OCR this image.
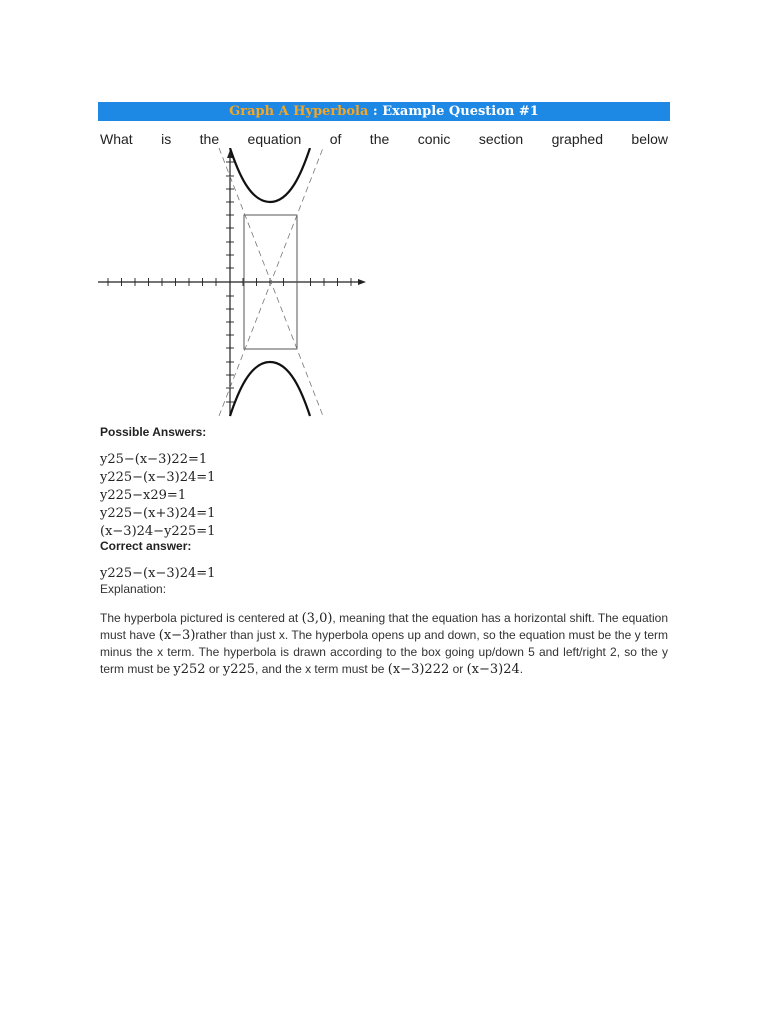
Graph A Hyperbola : Example Question #1
What is the equation of the conic section graphed below
Possible Answers:
y25−(x−3)22=1
y225−(x−3)24=1
y225−x29=1
y225−(x+3)24=1
(x−3)24−y225=1
Correct answer:
y225−(x−3)24=1
Explanation:
The hyperbola pictured is centered at (3,0), meaning that the equation has a horizontal shift. The equation must have (x−3)rather than just x. The hyperbola opens up and down, so the equation must be the y term minus the x term. The hyperbola is drawn according to the box going up/down 5 and left/right 2, so the y term must be y252 or y225, and the x term must be (x−3)222 or (x−3)24.
